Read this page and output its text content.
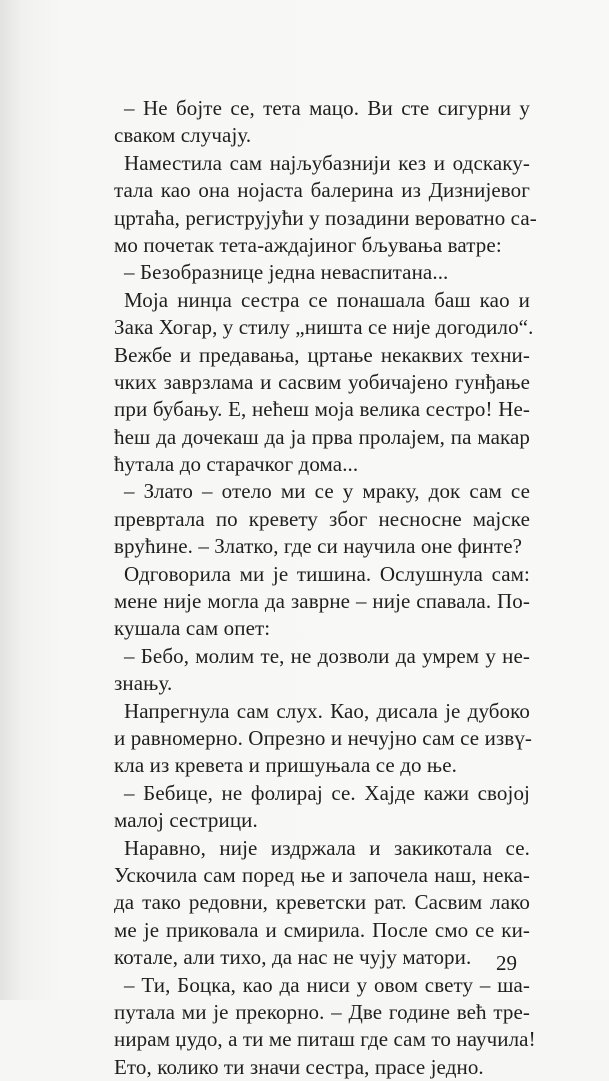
– Не бојте се, тета мацо. Ви сте сигурни у
сваком случају.
Наместила сам најљубазнији кез и одскаку-
тала као она нојаста балерина из Дизнијевог
цртаћа, региструјући у позадини вероватно са-
мо почетак тета-аждајиног бљувања ватре:
– Безобразнице једна неваспитана...
Моја нинџа сестра се понашала баш као и
Зака Хогар, у стилу „ништа се није догодило“.
Вежбе и предавања, цртање некаквих техни-
чких заврзлама и сасвим уобичајено гунђање
при бубању. Е, нећеш моја велика сестро! Не-
ћеш да дочекаш да ја прва пролајем, па макар
ћутала до старачког дома...
– Злато – отело ми се у мраку, док сам се
превртала по кревету због несносне мајске
врућине. – Златко, где си научила оне финте?
Одговорила ми је тишина. Ослушнула сам:
мене није могла да заврне – није спавала. По-
кушала сам опет:
– Бебо, молим те, не дозволи да умрем у не-
знању.
Напрегнула сам слух. Као, дисала је дубоко
и равномерно. Опрезно и нечујно сам се извү-
кла из кревета и пришуњала се до ње.
– Бебице, не фолирај се. Хајде кажи својој
малој сестрици.
Наравно, није издржала и закикотала се.
Ускочила сам поред ње и започела наш, нека-
да тако редовни, креветски рат. Сасвим лако
ме је приковала и смирила. После смо се ки-
котале, али тихо, да нас не чују матори.
– Ти, Боцка, као да ниси у овом свету – ша-
путала ми је прекорно. – Две године већ тре-
нирам џудо, а ти ме питаш где сам то научила!
Ето, колико ти значи сестра, прасе једно.
29
